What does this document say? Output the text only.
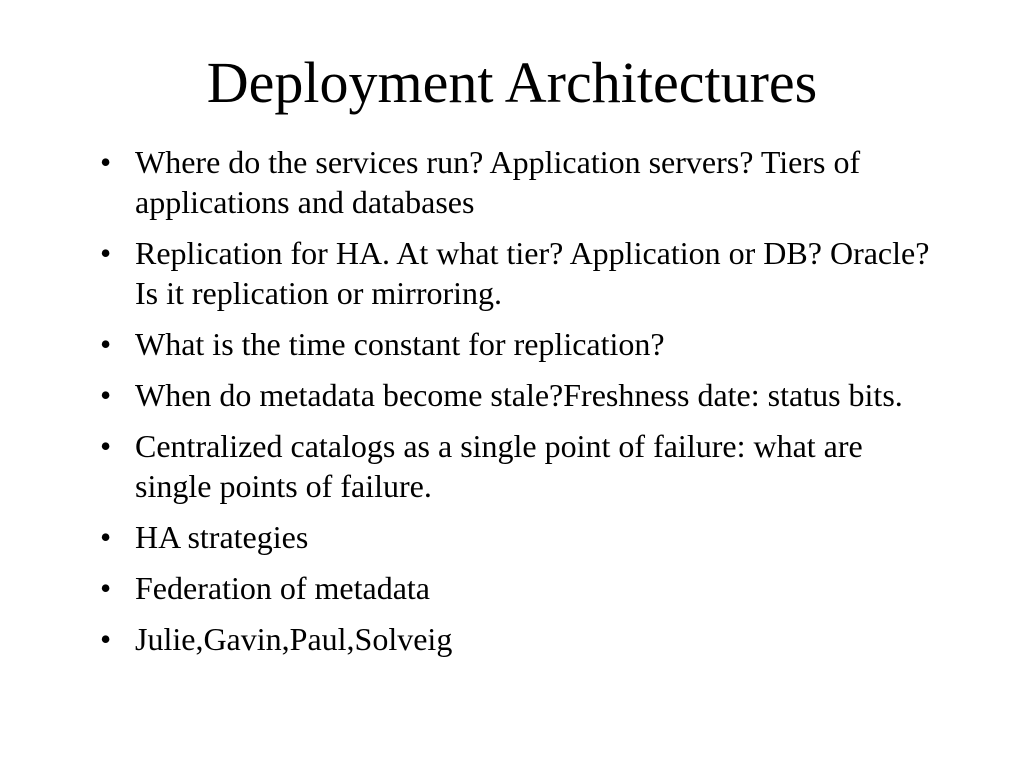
Deployment Architectures
• Where do the services run? Application servers? Tiers of applications and databases
• Replication for HA. At what tier? Application or DB? Oracle? Is it replication or mirroring.
• What is the time constant for replication?
• When do metadata become stale?Freshness date: status bits.
• Centralized catalogs as a single point of failure: what are single points of failure.
• HA strategies
• Federation of metadata
• Julie,Gavin,Paul,Solveig
